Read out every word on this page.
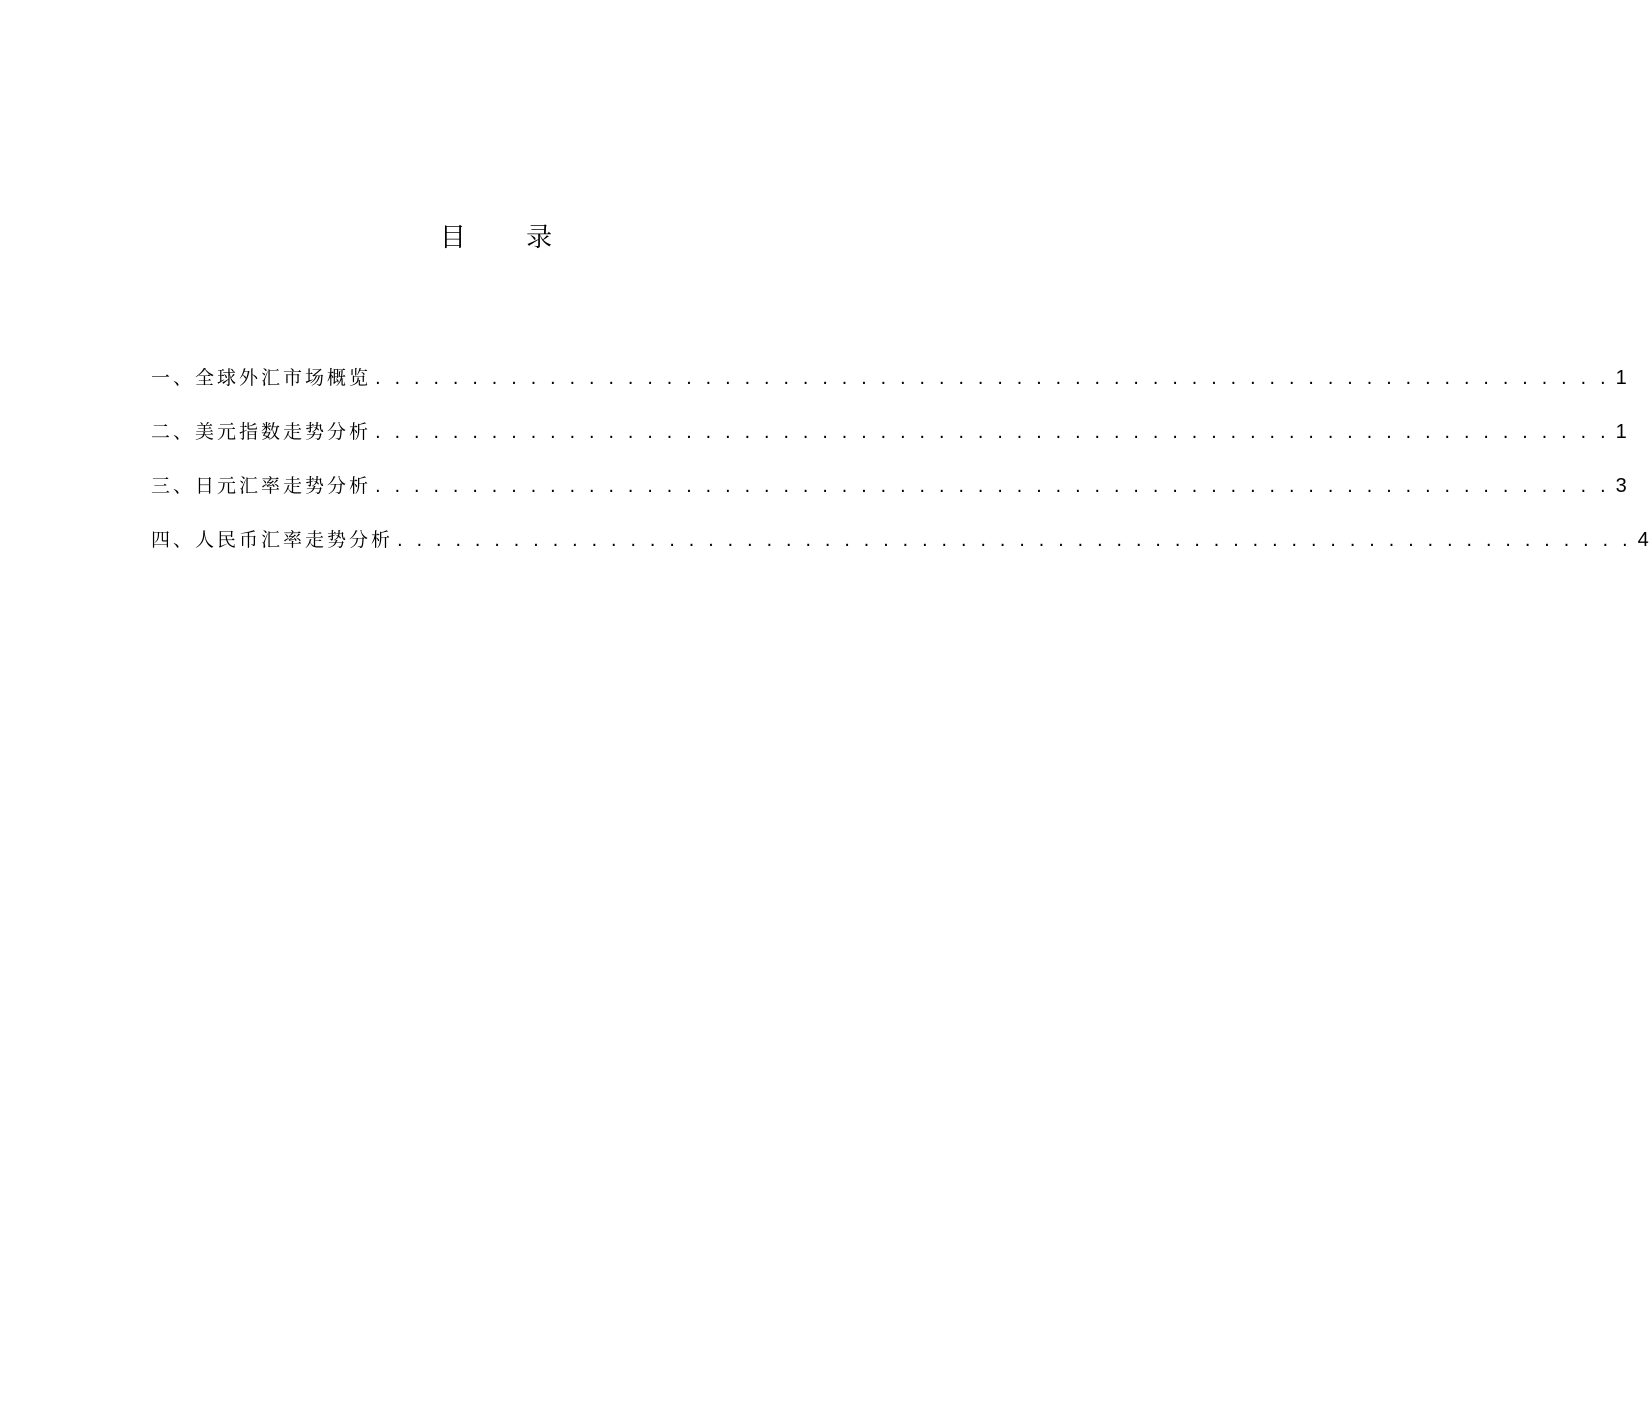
目 录
一、全球外汇市场概览 . . . . . . . . . . . . . . . . . . . . . . . . . . . . . . . . . . . . . . . . . . . . . . . . . . . . . . . . . . . . . . . . 1
二、美元指数走势分析 . . . . . . . . . . . . . . . . . . . . . . . . . . . . . . . . . . . . . . . . . . . . . . . . . . . . . . . . . . . . . . . . 1
三、日元汇率走势分析 . . . . . . . . . . . . . . . . . . . . . . . . . . . . . . . . . . . . . . . . . . . . . . . . . . . . . . . . . . . . . . . . 3
四、人民币汇率走势分析 . . . . . . . . . . . . . . . . . . . . . . . . . . . . . . . . . . . . . . . . . . . . . . . . . . . . . . . . . . . . . . . . 4
